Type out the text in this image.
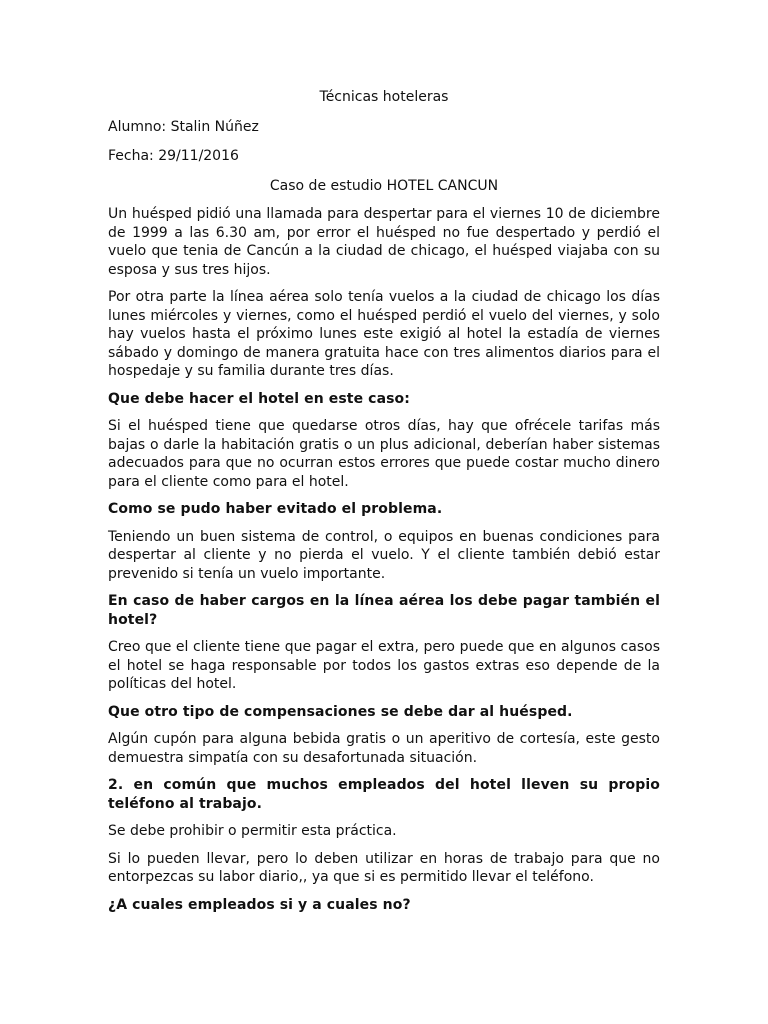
Técnicas hoteleras
Alumno: Stalin Núñez
Fecha: 29/11/2016
Caso de estudio HOTEL CANCUN

Un huésped pidió una llamada para despertar para el viernes 10 de diciembre de 1999 a las 6.30 am, por error el huésped no fue despertado y perdió el vuelo que tenia de Cancún a la ciudad de chicago, el huésped viajaba con su esposa y sus tres hijos.

Por otra parte la línea aérea solo tenía vuelos a la ciudad de chicago los días lunes miércoles y viernes, como el huésped perdió el vuelo del viernes, y solo hay vuelos hasta el próximo lunes este exigió al hotel la estadía de viernes sábado y domingo de manera gratuita hace con tres alimentos diarios para el hospedaje y su familia durante tres días.

Que debe hacer el hotel en este caso:

Si el huésped tiene que quedarse otros días, hay que ofrécele tarifas más bajas o darle la habitación gratis o un plus adicional, deberían haber sistemas adecuados para que no ocurran estos errores que puede costar mucho dinero para el cliente como para el hotel.

Como se pudo haber evitado el problema.

Teniendo un buen sistema de control, o equipos en buenas condiciones para despertar al cliente y no pierda el vuelo. Y el cliente también debió estar prevenido si tenía un vuelo importante.

En caso de haber cargos en la línea aérea los debe pagar también el hotel?

Creo que el cliente tiene que pagar el extra, pero puede que en algunos casos el hotel se haga responsable por todos los gastos extras eso depende de la políticas del hotel.

Que otro tipo de compensaciones se debe dar al huésped.

Algún cupón para alguna bebida gratis o un aperitivo de cortesía, este gesto demuestra simpatía con su desafortunada situación.

2. en común que muchos empleados del hotel lleven su propio teléfono al trabajo.

Se debe prohibir o permitir esta práctica.

Si lo pueden llevar, pero lo deben utilizar en horas de trabajo para que no entorpezcas su labor diario,, ya que si es permitido llevar el teléfono.

¿A cuales empleados si y a cuales no?
